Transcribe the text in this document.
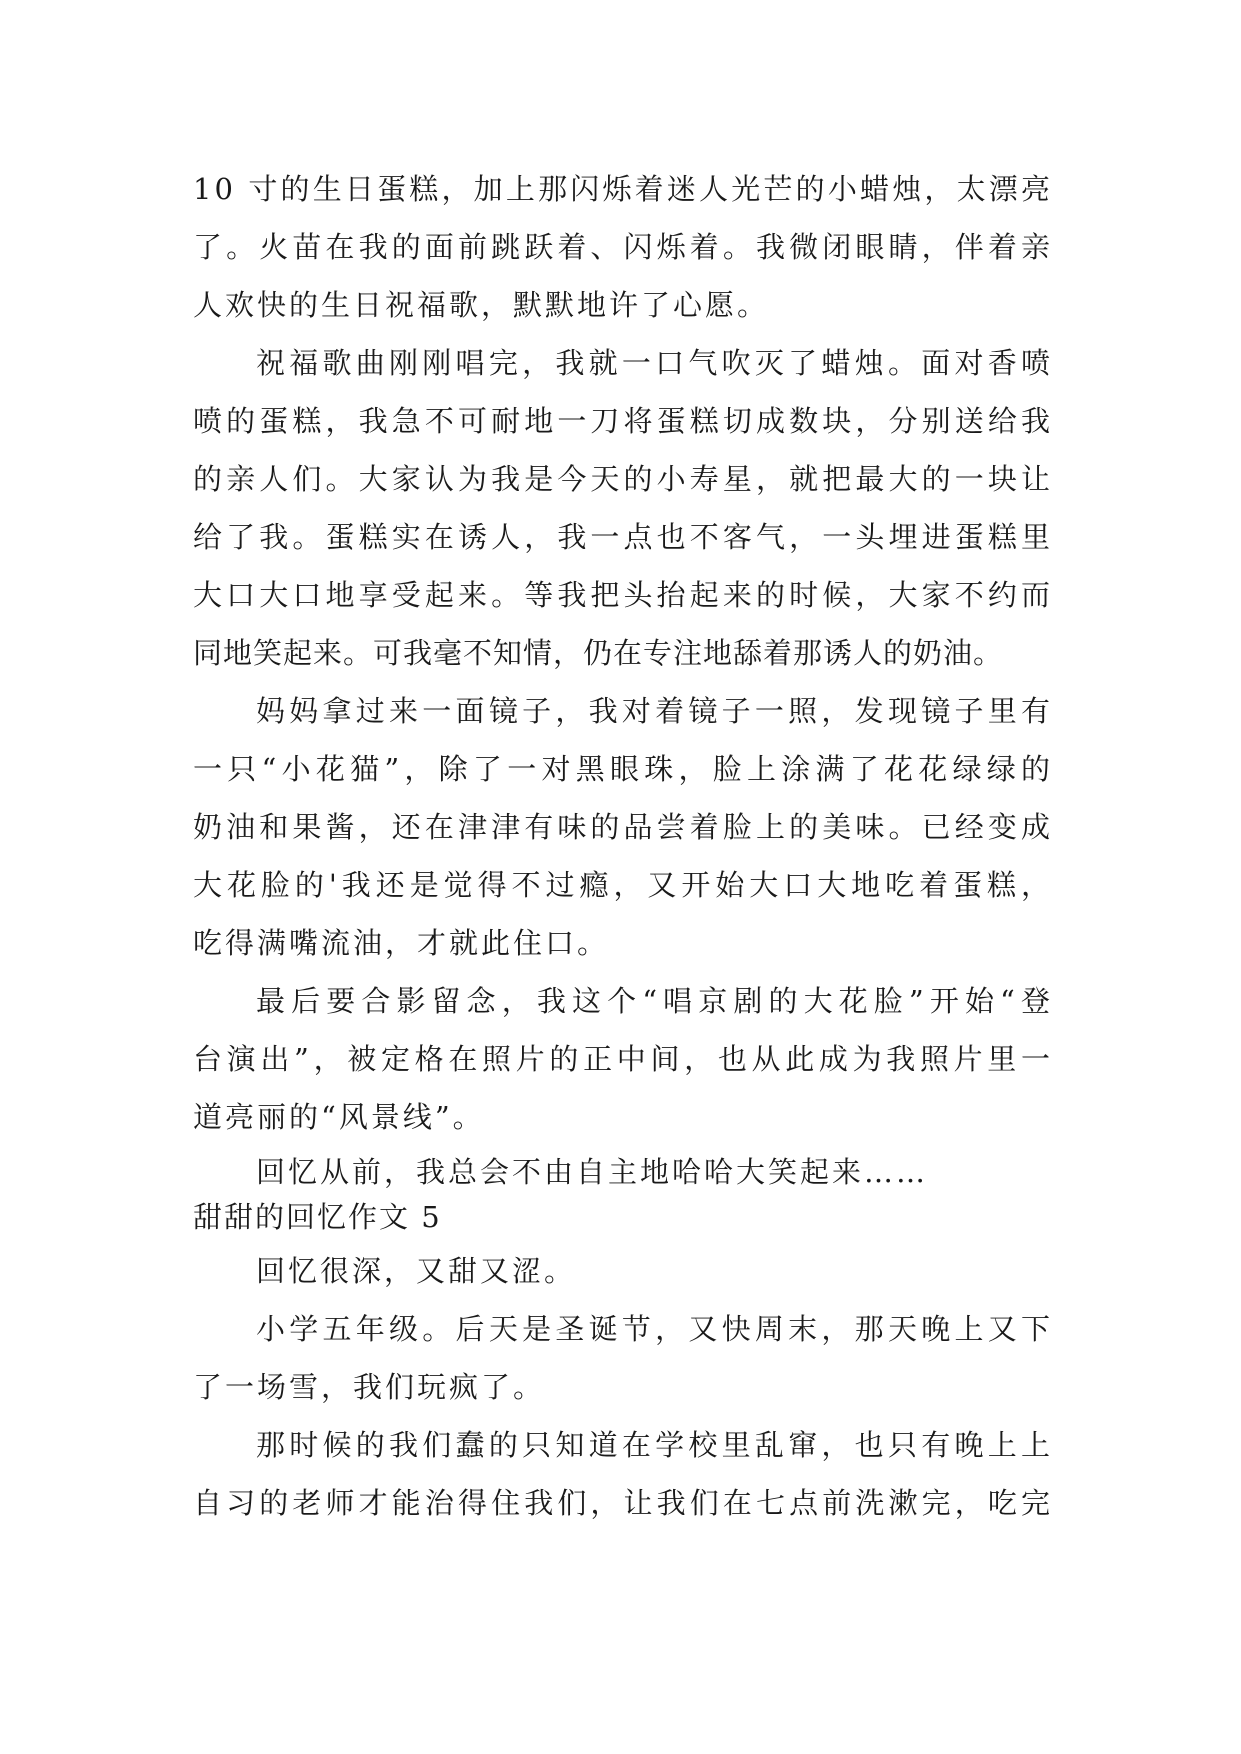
10 寸的生日蛋糕，加上那闪烁着迷人光芒的小蜡烛，太漂亮
了。火苗在我的面前跳跃着、闪烁着。我微闭眼睛，伴着亲
人欢快的生日祝福歌，默默地许了心愿。
祝福歌曲刚刚唱完，我就一口气吹灭了蜡烛。面对香喷
喷的蛋糕，我急不可耐地一刀将蛋糕切成数块，分别送给我
的亲人们。大家认为我是今天的小寿星，就把最大的一块让
给了我。蛋糕实在诱人，我一点也不客气，一头埋进蛋糕里
大口大口地享受起来。等我把头抬起来的时候，大家不约而
同地笑起来。可我毫不知情，仍在专注地舔着那诱人的奶油。
妈妈拿过来一面镜子，我对着镜子一照，发现镜子里有
一只“小花猫”，除了一对黑眼珠，脸上涂满了花花绿绿的
奶油和果酱，还在津津有味的品尝着脸上的美味。已经变成
大花脸的'我还是觉得不过瘾，又开始大口大地吃着蛋糕，
吃得满嘴流油，才就此住口。
最后要合影留念，我这个“唱京剧的大花脸”开始“登
台演出”，被定格在照片的正中间，也从此成为我照片里一
道亮丽的“风景线”。
回忆从前，我总会不由自主地哈哈大笑起来……
甜甜的回忆作文 5
回忆很深，又甜又涩。
小学五年级。后天是圣诞节，又快周末，那天晚上又下
了一场雪，我们玩疯了。
那时候的我们蠢的只知道在学校里乱窜，也只有晚上上
自习的老师才能治得住我们，让我们在七点前洗漱完，吃完
